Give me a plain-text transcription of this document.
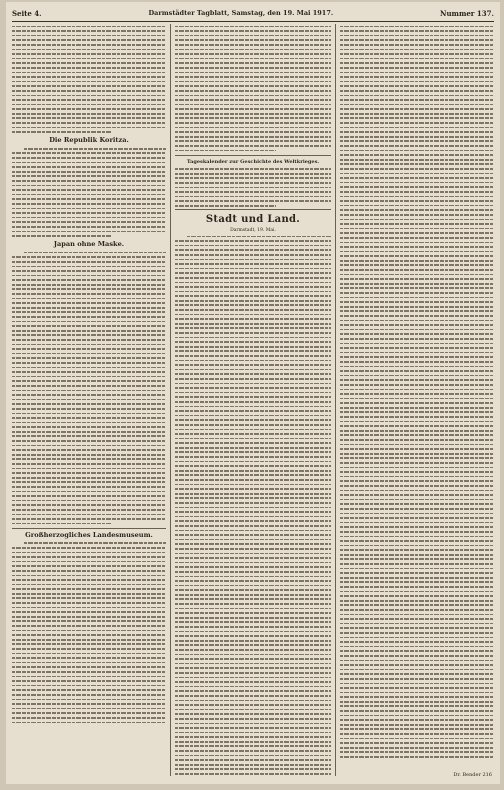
Seite 4.	Darmstädter Tagblatt, Samstag, den 19. Mai 1917.	Nummer 137.
Die Republik Koritza.
Japan ohne Maske.
Großherzogliches Landesmuseum.
Tageskalender zur Geschichte des Weltkrieges.
Stadt und Land.
Darmstadt, 19. Mai.
Dr. Bender 216
